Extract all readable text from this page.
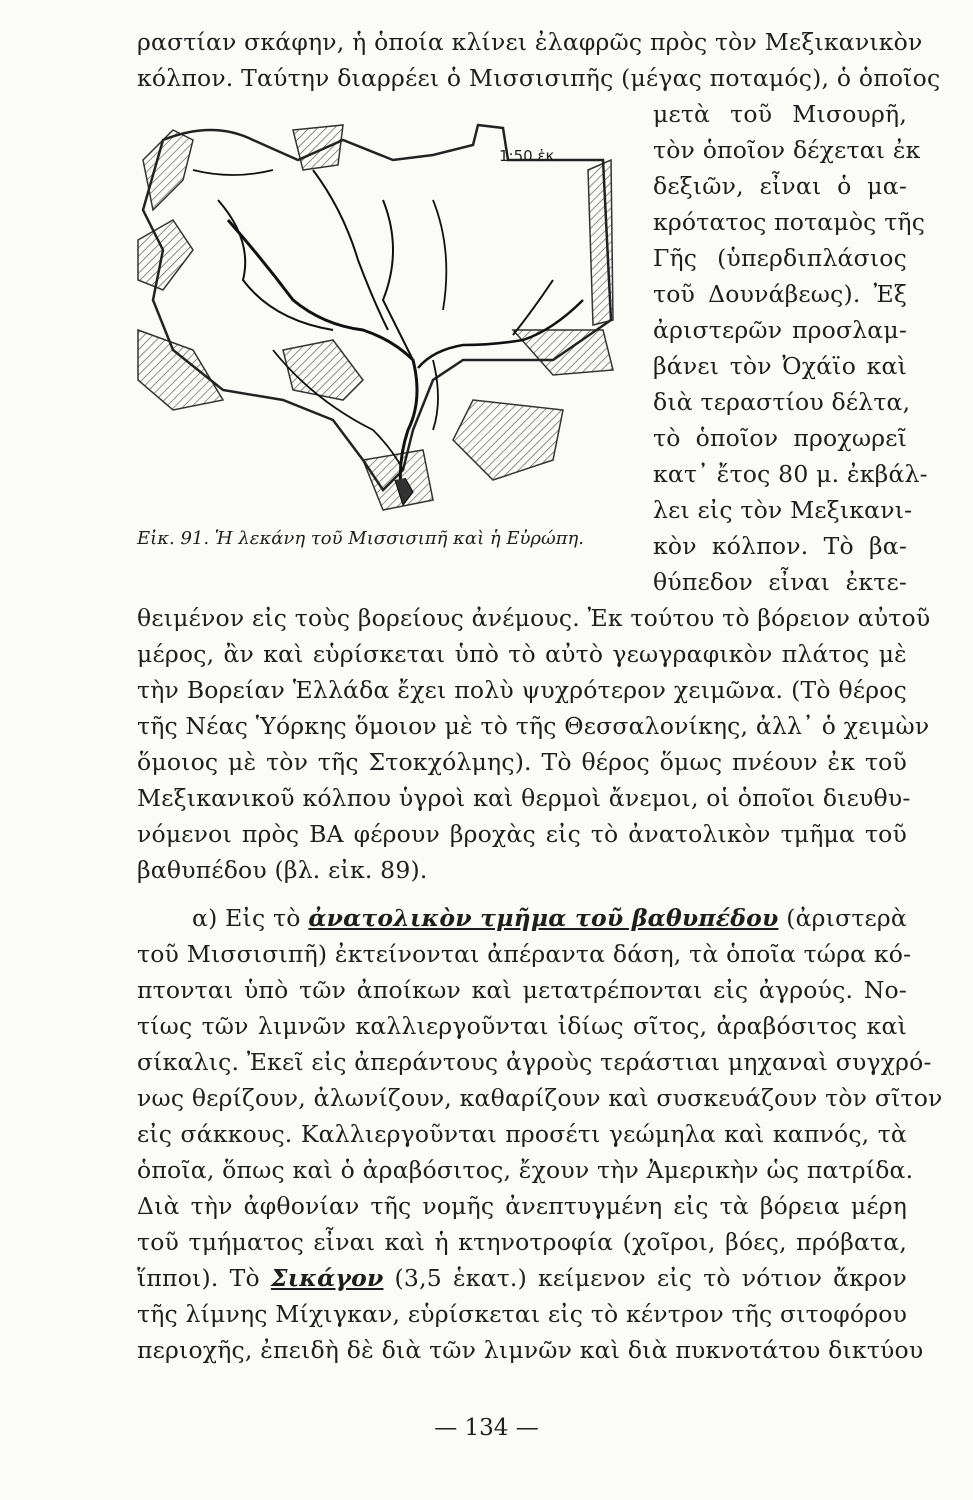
ραστίαν σκάφην, ἡ ὁποία κλίνει ἐλαφρῶς πρὸς τὸν Μεξικανικὸν
κόλπον. Ταύτην διαρρέει ὁ Μισσισιπῆς (μέγας ποταμός), ὁ ὁποῖος
μετὰ τοῦ Μισουρῆ,
τὸν ὁποῖον δέχεται ἐκ
δεξιῶν, εἶναι ὁ μα-
κρότατος ποταμὸς τῆς
Γῆς (ὑπερδιπλάσιος
τοῦ Δουνάβεως). Ἐξ
ἀριστερῶν προσλαμ-
βάνει τὸν Ὀχάϊο καὶ
διὰ τεραστίου δέλτα,
τὸ ὁποῖον προχωρεῖ
κατ᾽ ἔτος 80 μ. ἐκβάλ-
λει εἰς τὸν Μεξικανι-
κὸν κόλπον. Τὸ βα-
θύπεδον εἶναι ἐκτε-
1:50 ἑκ.
Εἰκ. 91. Ἡ λεκάνη τοῦ Μισσισιπῆ καὶ ἡ Εὐρώπη.
θειμένον εἰς τοὺς βορείους ἀνέμους. Ἐκ τούτου τὸ βόρειον αὐτοῦ
μέρος, ἂν καὶ εὑρίσκεται ὑπὸ τὸ αὐτὸ γεωγραφικὸν πλάτος μὲ
τὴν Βορείαν Ἑλλάδα ἔχει πολὺ ψυχρότερον χειμῶνα. (Τὸ θέρος
τῆς Νέας Ὑόρκης ὅμοιον μὲ τὸ τῆς Θεσσαλονίκης, ἀλλ᾽ ὁ χειμὼν
ὅμοιος μὲ τὸν τῆς Στοκχόλμης). Τὸ θέρος ὅμως πνέουν ἐκ τοῦ
Μεξικανικοῦ κόλπου ὑγροὶ καὶ θερμοὶ ἄνεμοι, οἱ ὁποῖοι διευθυ-
νόμενοι πρὸς ΒΑ φέρουν βροχὰς εἰς τὸ ἀνατολικὸν τμῆμα τοῦ
βαθυπέδου (βλ. εἰκ. 89).
α) Εἰς τὸ ἀνατολικὸν τμῆμα τοῦ βαθυπέδου (ἀριστερὰ
τοῦ Μισσισιπῆ) ἐκτείνονται ἀπέραντα δάση, τὰ ὁποῖα τώρα κό-
πτονται ὑπὸ τῶν ἀποίκων καὶ μετατρέπονται εἰς ἀγρούς. Νο-
τίως τῶν λιμνῶν καλλιεργοῦνται ἰδίως σῖτος, ἀραβόσιτος καὶ
σίκαλις. Ἐκεῖ εἰς ἀπεράντους ἀγροὺς τεράστιαι μηχαναὶ συγχρό-
νως θερίζουν, ἀλωνίζουν, καθαρίζουν καὶ συσκευάζουν τὸν σῖτον
εἰς σάκκους. Καλλιεργοῦνται προσέτι γεώμηλα καὶ καπνός, τὰ
ὁποῖα, ὅπως καὶ ὁ ἀραβόσιτος, ἔχουν τὴν Ἀμερικὴν ὡς πατρίδα.
Διὰ τὴν ἀφθονίαν τῆς νομῆς ἀνεπτυγμένη εἰς τὰ βόρεια μέρη
τοῦ τμήματος εἶναι καὶ ἡ κτηνοτροφία (χοῖροι, βόες, πρόβατα,
ἵπποι). Τὸ Σικάγον (3,5 ἑκατ.) κείμενον εἰς τὸ νότιον ἄκρον
τῆς λίμνης Μίχιγκαν, εὑρίσκεται εἰς τὸ κέντρον τῆς σιτοφόρου
περιοχῆς, ἐπειδὴ δὲ διὰ τῶν λιμνῶν καὶ διὰ πυκνοτάτου δικτύου
— 134 —
